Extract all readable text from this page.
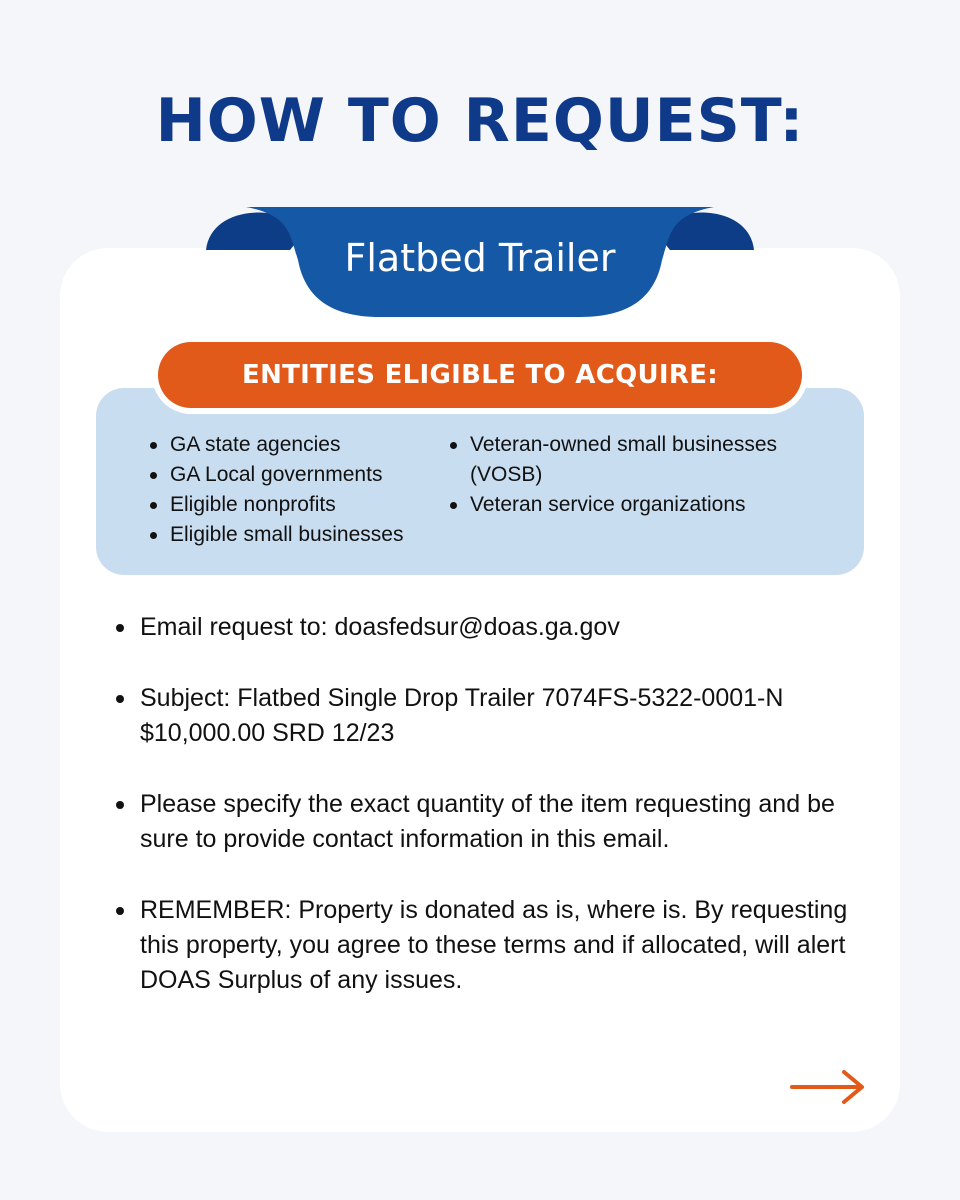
HOW TO REQUEST:
Flatbed Trailer
ENTITIES ELIGIBLE TO ACQUIRE:
GA state agencies
GA Local governments
Eligible nonprofits
Eligible small businesses
Veteran-owned small businesses (VOSB)
Veteran service organizations
Email request to: doasfedsur@doas.ga.gov
Subject: Flatbed Single Drop Trailer 7074FS-5322-0001-N $10,000.00 SRD 12/23
Please specify the exact quantity of the item requesting and be sure to provide contact information in this email.
REMEMBER: Property is donated as is, where is. By requesting this property, you agree to these terms and if allocated, will alert DOAS Surplus of any issues.
